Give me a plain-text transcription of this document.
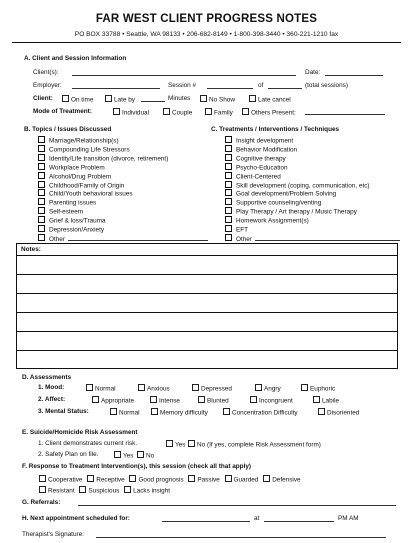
FAR WEST CLIENT PROGRESS NOTES
PO BOX 33788 • Seattle, WA 98133 • 206-682-8149 • 1-800-398-3440 • 360-221-1210 fax
A. Client and Session Information
Client(s):	Date:
Employer:	Session #	of	(total sessions)
Client:	On time	Late by	Minutes	No Show	Late cancel
Mode of Treatment:	Individual	Couple	Family	Others Present:
B. Topics / Issues Discussed
Marriage/Relationship(s)
Compounding Life Stressors
Identity/Life transition (divorce, retirement)
Workplace Problem
Alcohol/Drug Problem
Childhood/Family of Origin
Child/Youth behavioral issues
Parenting issues
Self-esteem
Grief & loss/Trauma
Depression/Anxiety
Other
C. Treatments / Interventions / Techniques
Insight development
Behavior Modification
Cognitive therapy
Psycho-Education
Client-Centered
Skill development (coping, communication, etc)
Goal development/Problem Solving
Supportive counseling/venting
Play Therapy / Art therapy / Music Therapy
Homework Assignment(s)
EFT
Other
Notes:
D. Assessments
1. Mood:	Normal	Anxious	Depressed	Angry	Euphoric
2. Affect:	Appropriate	Intense	Blunted	Incongruent	Labile
3. Mental Status:	Normal	Memory difficulty	Concentration Difficulty	Disoriented
E. Suicide/Homicide Risk Assessment
1. Client demonstrates current risk.	Yes	No (If yes, complete Risk Assessment form)
2. Safety Plan on file.	Yes	No
F. Response to Treatment Intervention(s), this session (check all that apply)
Cooperative Receptive Good prognosis Passive Guarded Defensive
Resistant Suspicious Lacks insight
G. Referrals:
H. Next appointment scheduled for:	at	PM AM
Therapist's Signature:
